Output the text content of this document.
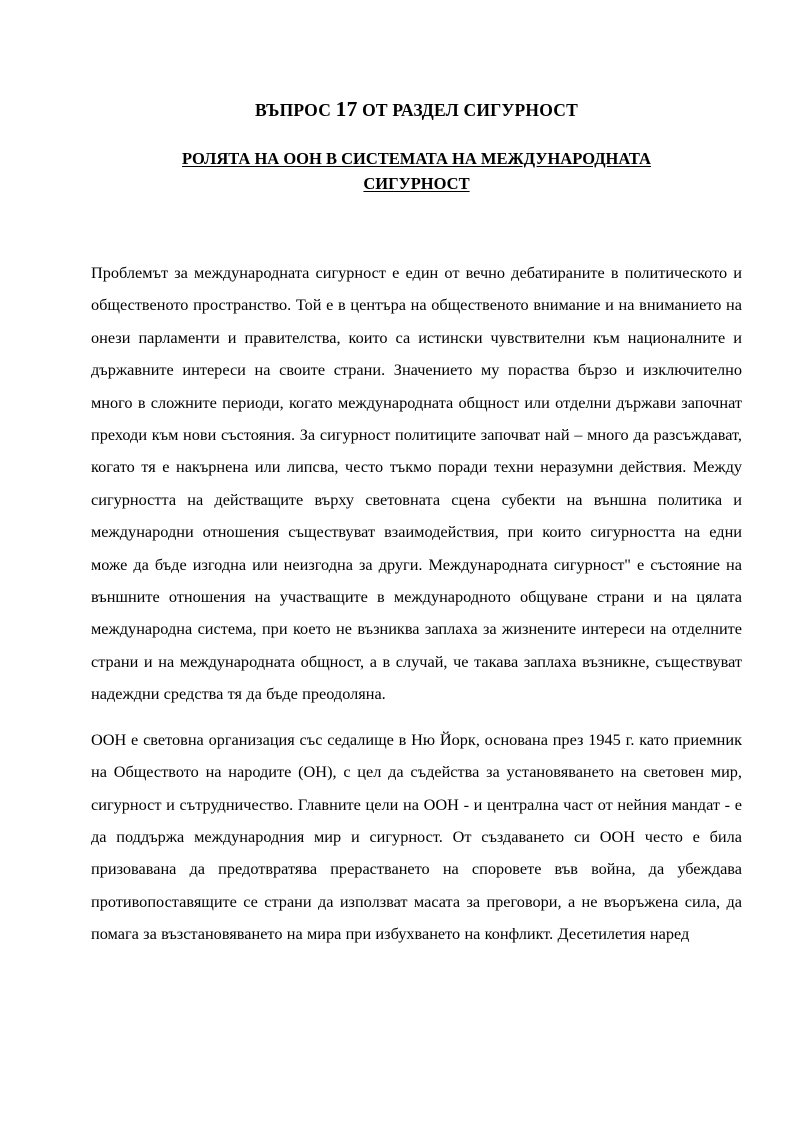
ВЪПРОС 17 ОТ РАЗДЕЛ СИГУРНОСТ
РОЛЯТА НА ООН В СИСТЕМАТА НА МЕЖДУНАРОДНАТА
СИГУРНОСТ

Проблемът за международната сигурност е един от вечно дебатираните в политическото и общественото пространство. Той е в центъра на общественото внимание и на вниманието на онези парламенти и правителства, които са истински чувствителни към националните и държавните интереси на своите страни. Значението му пораства бързо и изключително много в сложните периоди, когато международната общност или отделни държави започнат преходи към нови състояния. За сигурност политиците започват най – много да разсъждават, когато тя е накърнена или липсва, често тъкмо поради техни неразумни действия. Между сигурността на действащите върху световната сцена субекти на външна политика и международни отношения съществуват взаимодействия, при които сигурността на едни може да бъде изгодна или неизгодна за други. Международната сигурност" е състояние на външните отношения на участващите в международното общуване страни и на цялата международна система, при което не възниква заплаха за жизнените интереси на отделните страни и на международната общност, а в случай, че такава заплаха възникне, съществуват надеждни средства тя да бъде преодоляна.

ООН е световна организация със седалище в Ню Йорк, основана през 1945 г. като приемник на Обществото на народите (ОН), с цел да съдейства за установяването на световен мир, сигурност и сътрудничество. Главните цели на ООН - и централна част от нейния мандат - е да поддържа международния мир и сигурност. От създаването си ООН често е била призовавана да предотвратява прерастването на споровете във война, да убеждава противопоставящите се страни да използват масата за преговори, а не въоръжена сила, да помага за възстановяването на мира при избухването на конфликт. Десетилетия наред
